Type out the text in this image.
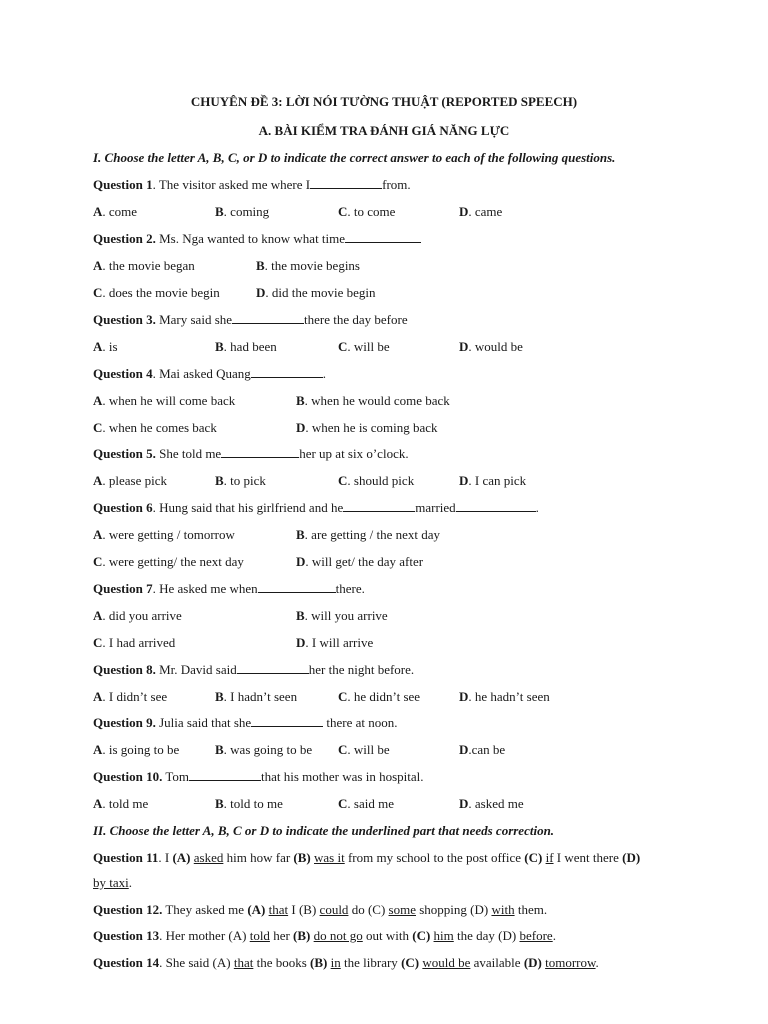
CHUYÊN ĐỀ 3: LỜI NÓI TƯỜNG THUẬT (REPORTED SPEECH)
A. BÀI KIỂM TRA ĐÁNH GIÁ NĂNG LỰC
I. Choose the letter A, B, C, or D to indicate the correct answer to each of the following questions.
Question 1. The visitor asked me where I	from.
A. come	B. coming	C. to come	D. came
Question 2. Ms. Nga wanted to know what time
A. the movie began	B. the movie begins
C. does the movie begin	D. did the movie begin
Question 3. Mary said she	there the day before
A. is	B. had been	C. will be	D. would be
Question 4. Mai asked Quang	.
A. when he will come back	B. when he would come back
C. when he comes back	D. when he is coming back
Question 5. She told me	her up at six o’clock.
A. please pick	B. to pick	C. should pick	D. I can pick
Question 6. Hung said that his girlfriend and he	married	.
A. were getting / tomorrow	B. are getting / the next day
C. were getting/ the next day	D. will get/ the day after
Question 7. He asked me when	there.
A. did you arrive	B. will you arrive
C. I had arrived	D. I will arrive
Question 8. Mr. David said	her the night before.
A. I didn’t see	B. I hadn’t seen	C. he didn’t see	D. he hadn’t seen
Question 9. Julia said that she	there at noon.
A. is going to be	B. was going to be C. will be	D.can be
Question 10. Tom	that his mother was in hospital.
A. told me	B. told to me	C. said me	D. asked me
II. Choose the letter A, B, C or D to indicate the underlined part that needs correction.
Question 11. I (A) asked him how far (B) was it from my school to the post office (C) if I went there (D)
by taxi.
Question 12. They asked me (A) that I (B) could do (C) some shopping (D) with them.
Question 13. Her mother (A) told her (B) do not go out with (C) him the day (D) before.
Question 14. She said (A) that the books (B) in the library (C) would be available (D) tomorrow.
